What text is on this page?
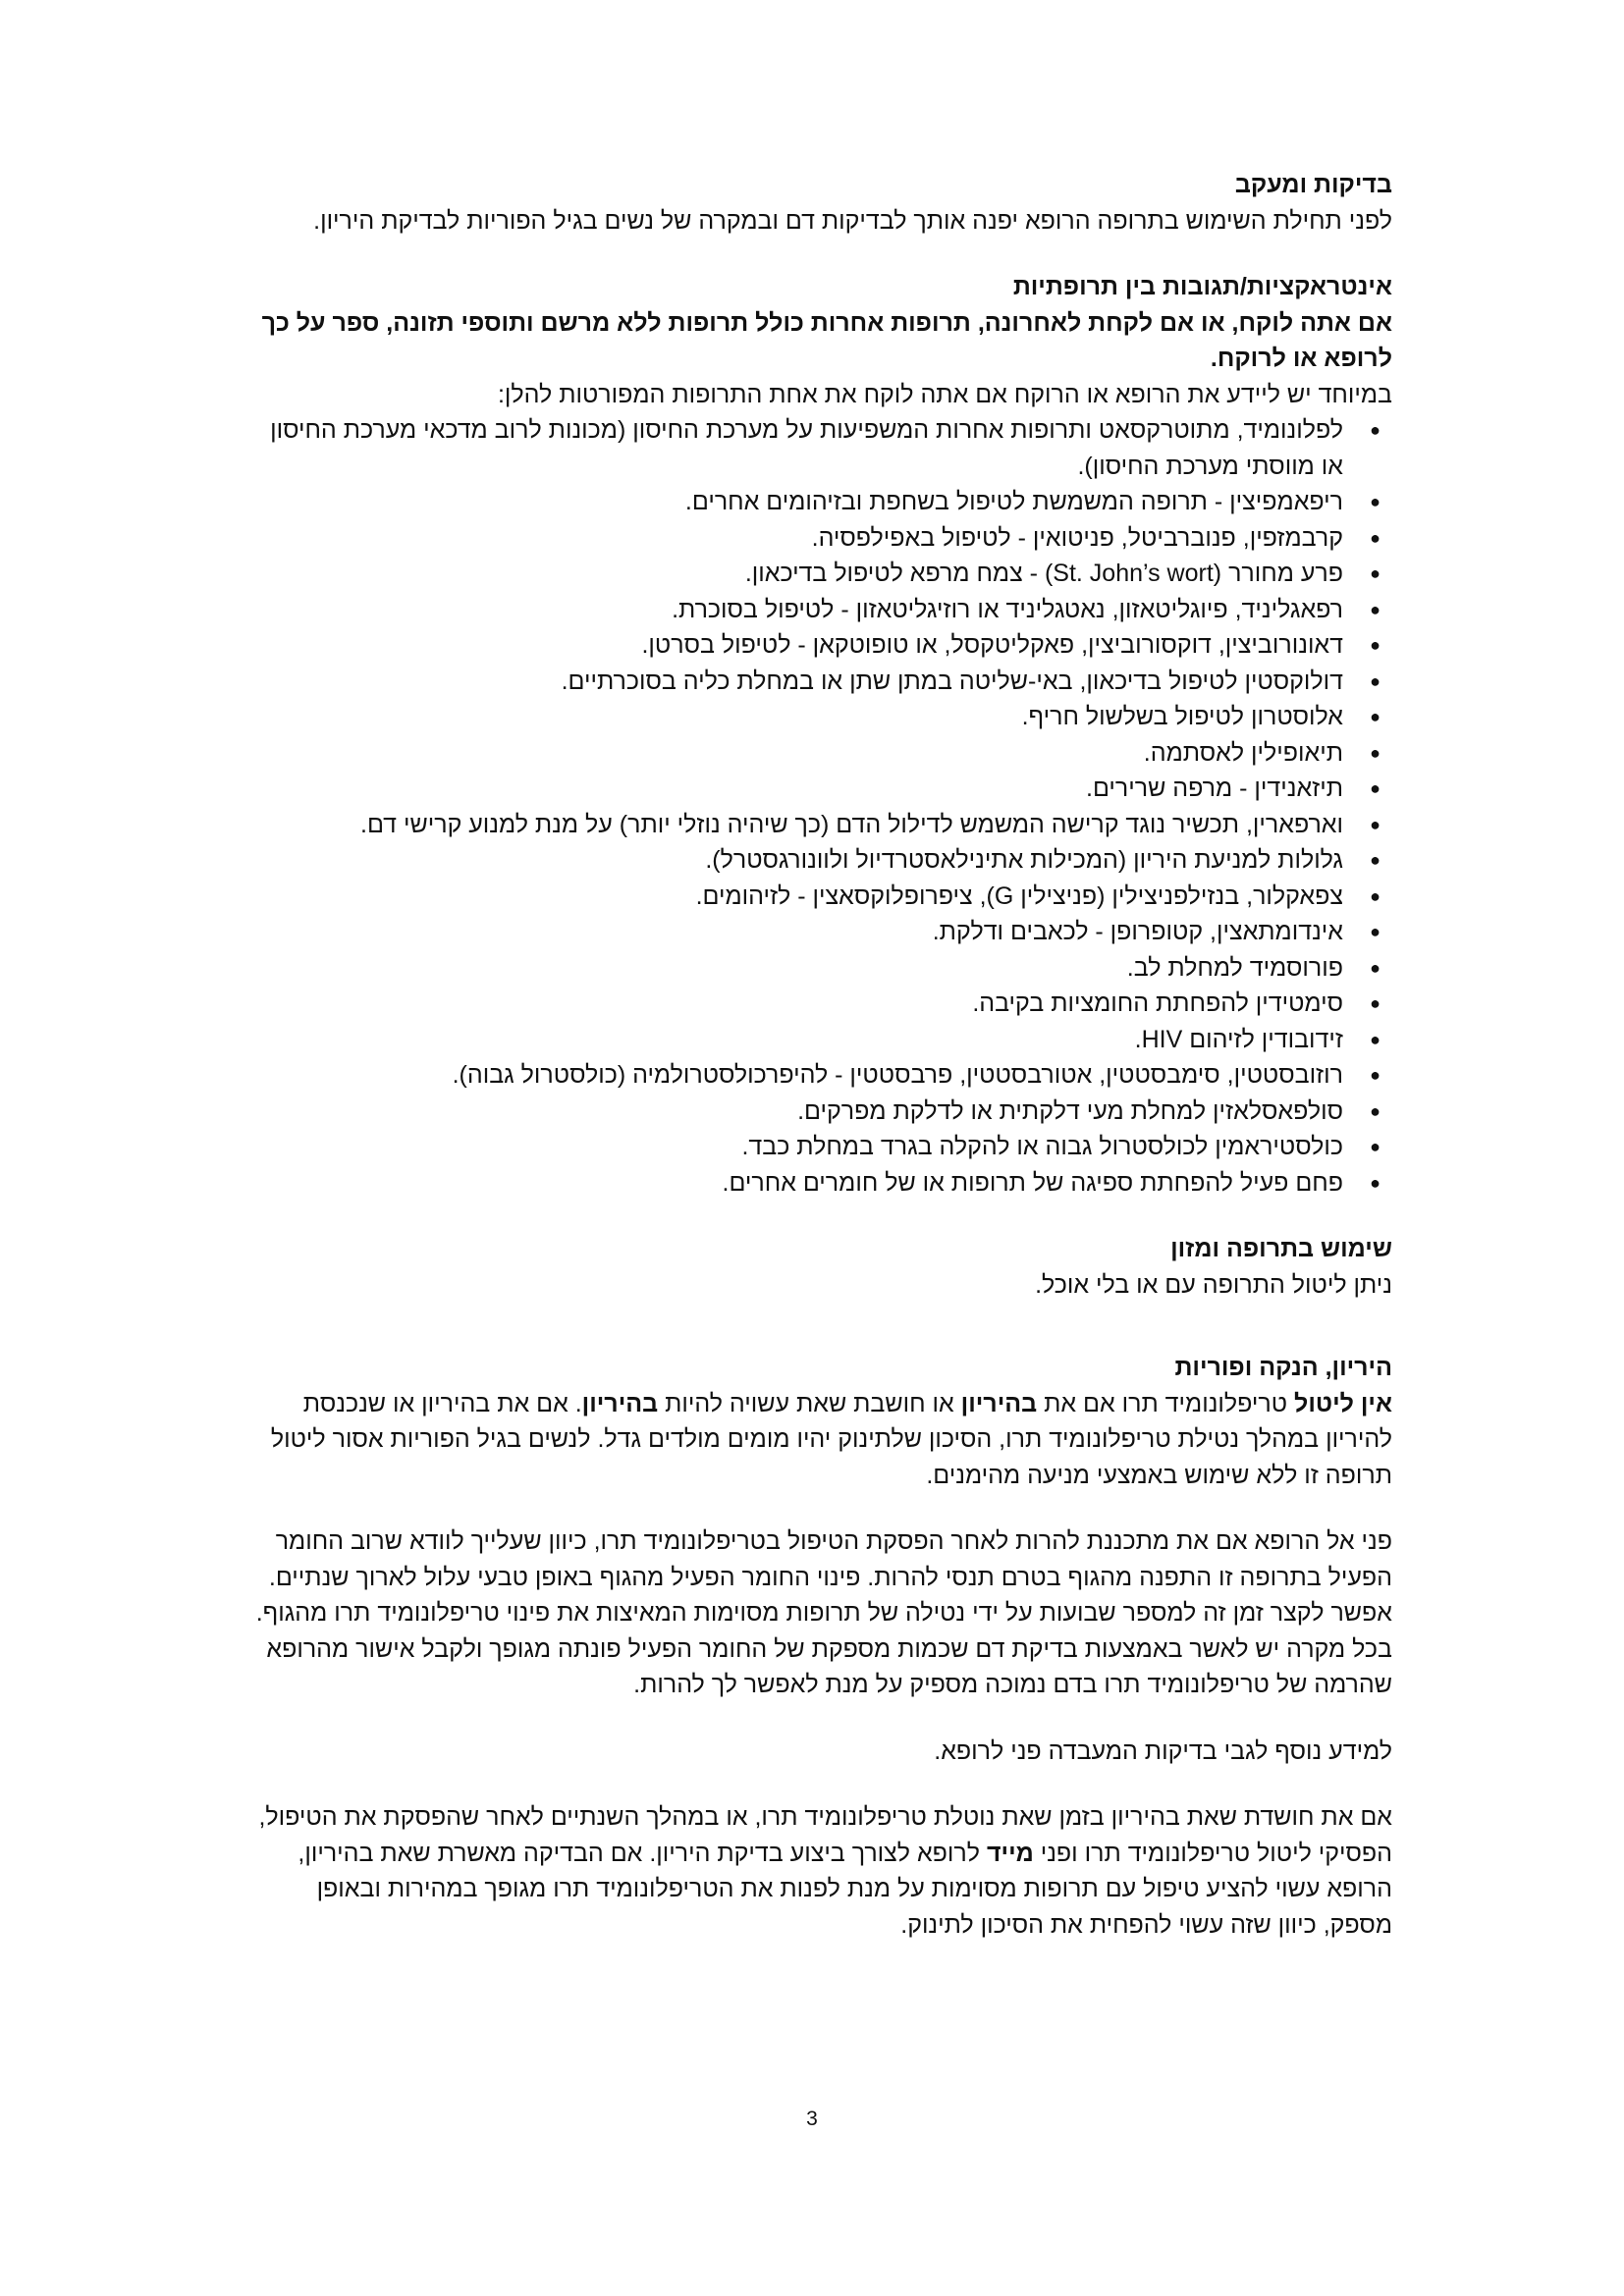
בדיקות ומעקב

לפני תחילת השימוש בתרופה הרופא יפנה אותך לבדיקות דם ובמקרה של נשים בגיל הפוריות לבדיקת היריון.

אינטראקציות/תגובות בין תרופתיות

אם אתה לוקח, או אם לקחת לאחרונה, תרופות אחרות כולל תרופות ללא מרשם ותוספי תזונה, ספר על כך לרופא או לרוקח.

במיוחד יש ליידע את הרופא או הרוקח אם אתה לוקח את אחת התרופות המפורטות להלן:

●
לפלונומיד, מתוטרקסאט ותרופות אחרות המשפיעות על מערכת החיסון (מכונות לרוב מדכאי מערכת החיסון או מווסתי מערכת החיסון).
●
ריפאמפיצין - תרופה המשמשת לטיפול בשחפת ובזיהומים אחרים.
●
קרבמזפין, פנוברביטל, פניטואין - לטיפול באפילפסיה.
●
פרע מחורר (St. John’s wort) - צמח מרפא לטיפול בדיכאון.
●
רפאגליניד, פיוגליטאזון, נאטגליניד או רוזיגליטאזון - לטיפול בסוכרת.
●
דאונורוביצין, דוקסורוביצין, פאקליטקסל, או טופוטקאן - לטיפול בסרטן.
●
דולוקסטין לטיפול בדיכאון, באי-שליטה במתן שתן או במחלת כליה בסוכרתיים.
●
אלוסטרון לטיפול בשלשול חריף.
●
תיאופילין לאסתמה.
●
תיזאנידין - מרפה שרירים.
●
וארפארין, תכשיר נוגד קרישה המשמש לדילול הדם (כך שיהיה נוזלי יותר) על מנת למנוע קרישי דם.
●
גלולות למניעת היריון (המכילות אתינילאסטרדיול ולוונורגסטרל).
●
צפאקלור, בנזילפניצילין (פניצילין G), ציפרופלוקסאצין - לזיהומים.
●
אינדומתאצין, קטופרופן - לכאבים ודלקת.
●
פורוסמיד למחלת לב.
●
סימטידין להפחתת החומציות בקיבה.
●
זידובודין לזיהום HIV.
●
רוזובסטטין, סימבסטטין, אטורבסטטין, פרבסטטין - להיפרכולסטרולמיה (כולסטרול גבוה).
●
סולפאסלאזין למחלת מעי דלקתית או לדלקת מפרקים.
●
כולסטיראמין לכולסטרול גבוה או להקלה בגרד במחלת כבד.
●
פחם פעיל להפחתת ספיגה של תרופות או של חומרים אחרים.

שימוש בתרופה ומזון

ניתן ליטול התרופה עם או בלי אוכל.

היריון, הנקה ופוריות

אין ליטול טריפלונומיד תרו אם את בהיריון או חושבת שאת עשויה להיות בהיריון. אם את בהיריון או שנכנסת להיריון במהלך נטילת טריפלונומיד תרו, הסיכון שלתינוק יהיו מומים מולדים גדל. לנשים בגיל הפוריות אסור ליטול תרופה זו ללא שימוש באמצעי מניעה מהימנים.

פני אל הרופא אם את מתכננת להרות לאחר הפסקת הטיפול בטריפלונומיד תרו, כיוון שעלייך לוודא שרוב החומר הפעיל בתרופה זו התפנה מהגוף בטרם תנסי להרות. פינוי החומר הפעיל מהגוף באופן טבעי עלול לארוך שנתיים. אפשר לקצר זמן זה למספר שבועות על ידי נטילה של תרופות מסוימות המאיצות את פינוי טריפלונומיד תרו מהגוף.

בכל מקרה יש לאשר באמצעות בדיקת דם שכמות מספקת של החומר הפעיל פונתה מגופך ולקבל אישור מהרופא שהרמה של טריפלונומיד תרו בדם נמוכה מספיק על מנת לאפשר לך להרות.

למידע נוסף לגבי בדיקות המעבדה פני לרופא.

אם את חושדת שאת בהיריון בזמן שאת נוטלת טריפלונומיד תרו, או במהלך השנתיים לאחר שהפסקת את הטיפול, הפסיקי ליטול טריפלונומיד תרו ופני מייד לרופא לצורך ביצוע בדיקת היריון. אם הבדיקה מאשרת שאת בהיריון, הרופא עשוי להציע טיפול עם תרופות מסוימות על מנת לפנות את הטריפלונומיד תרו מגופך במהירות ובאופן מספק, כיוון שזה עשוי להפחית את הסיכון לתינוק.

3
